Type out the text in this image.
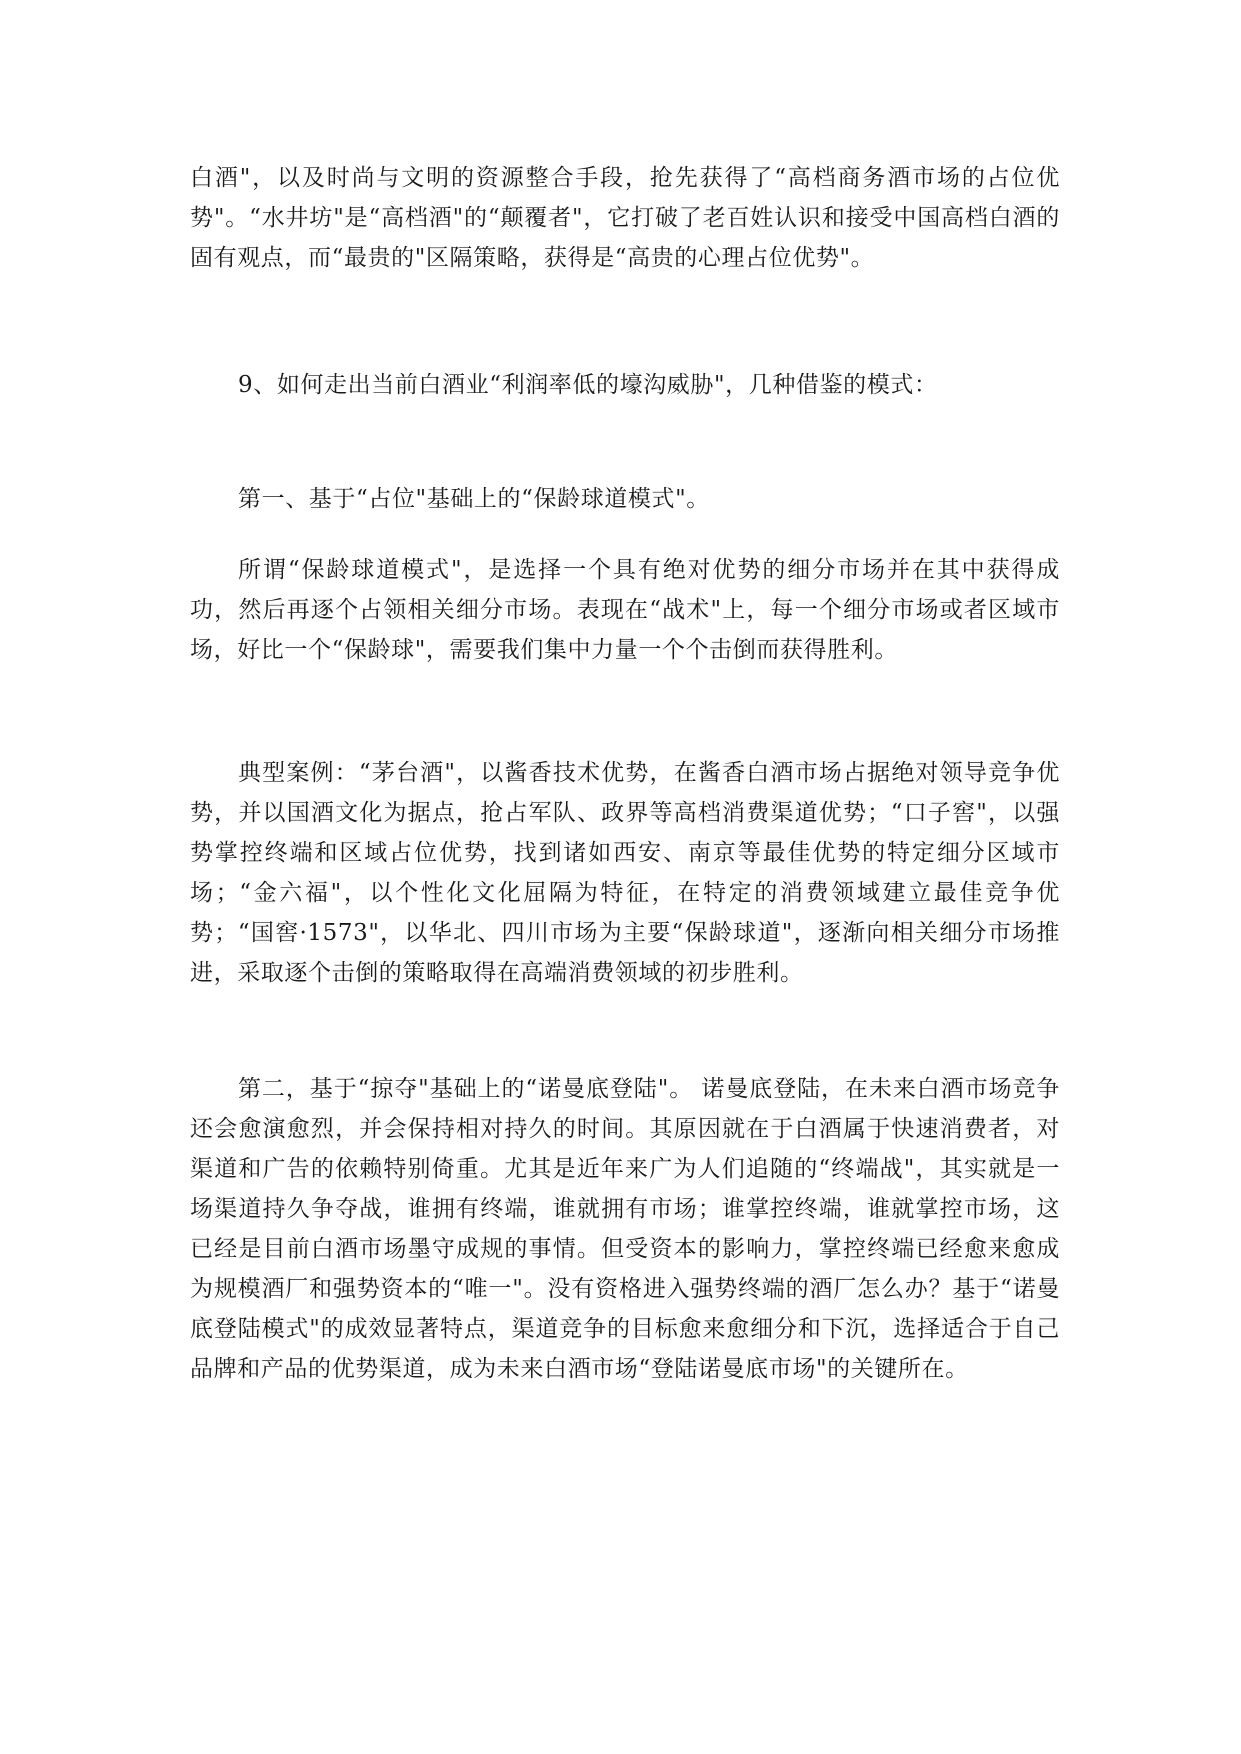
白酒"，以及时尚与文明的资源整合手段，抢先获得了“高档商务酒市场的占位优势"。“水井坊"是“高档酒"的“颠覆者"，它打破了老百姓认识和接受中国高档白酒的固有观点，而“最贵的"区隔策略，获得是“高贵的心理占位优势"。

9、如何走出当前白酒业“利润率低的壕沟威胁"，几种借鉴的模式：

第一、基于“占位"基础上的“保龄球道模式"。

所谓“保龄球道模式"，是选择一个具有绝对优势的细分市场并在其中获得成功，然后再逐个占领相关细分市场。表现在“战术"上，每一个细分市场或者区域市场，好比一个“保龄球"，需要我们集中力量一个个击倒而获得胜利。

典型案例：“茅台酒"，以酱香技术优势，在酱香白酒市场占据绝对领导竞争优势，并以国酒文化为据点，抢占军队、政界等高档消费渠道优势；“口子窖"，以强势掌控终端和区域占位优势，找到诸如西安、南京等最佳优势的特定细分区域市场；“金六福"，以个性化文化屈隔为特征，在特定的消费领域建立最佳竞争优势；“国窖·1573"，以华北、四川市场为主要“保龄球道"，逐渐向相关细分市场推进，采取逐个击倒的策略取得在高端消费领域的初步胜利。

第二，基于“掠夺"基础上的“诺曼底登陆"。 诺曼底登陆，在未来白酒市场竞争还会愈演愈烈，并会保持相对持久的时间。其原因就在于白酒属于快速消费者，对渠道和广告的依赖特别倚重。尤其是近年来广为人们追随的“终端战"，其实就是一场渠道持久争夺战，谁拥有终端，谁就拥有市场；谁掌控终端，谁就掌控市场，这已经是目前白酒市场墨守成规的事情。但受资本的影响力，掌控终端已经愈来愈成为规模酒厂和强势资本的“唯一"。没有资格进入强势终端的酒厂怎么办？基于“诺曼底登陆模式"的成效显著特点，渠道竞争的目标愈来愈细分和下沉，选择适合于自己品牌和产品的优势渠道，成为未来白酒市场“登陆诺曼底市场"的关键所在。
